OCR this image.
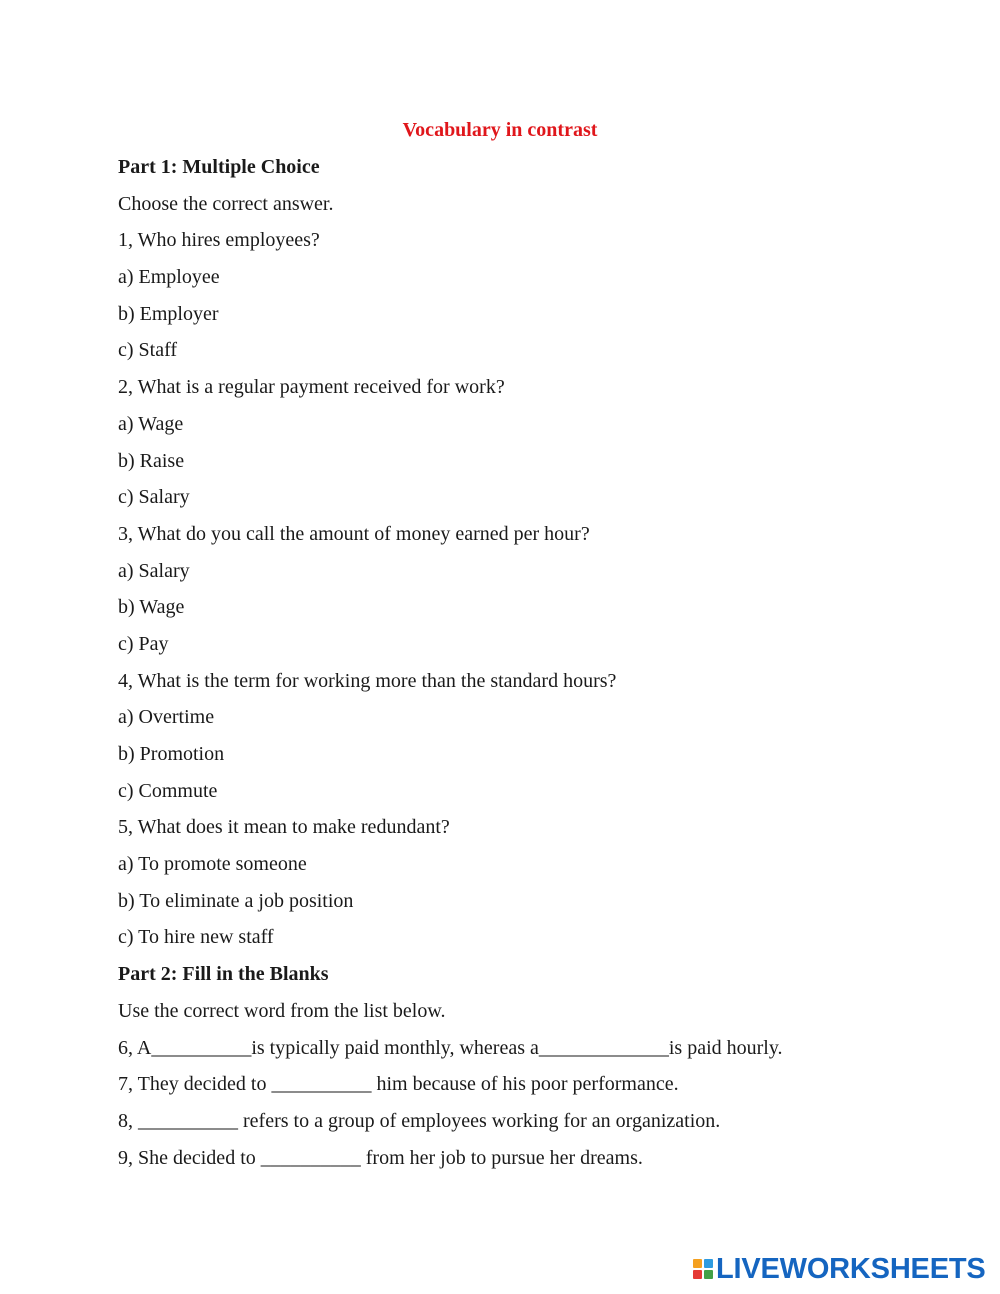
Vocabulary in contrast
Part 1: Multiple Choice
Choose the correct answer.
1, Who hires employees?
a) Employee
b) Employer
c) Staff
2, What is a regular payment received for work?
a) Wage
b) Raise
c) Salary
3, What do you call the amount of money earned per hour?
a) Salary
b) Wage
c) Pay
4, What is the term for working more than the standard hours?
a) Overtime
b) Promotion
c) Commute
5, What does it mean to make redundant?
a) To promote someone
b) To eliminate a job position
c) To hire new staff
Part 2: Fill in the Blanks
Use the correct word from the list below.
6, A__________is typically paid monthly, whereas a_____________is paid hourly.
7, They decided to __________ him because of his poor performance.
8, __________ refers to a group of employees working for an organization.
9, She decided to __________ from her job to pursue her dreams.
LIVEWORKSHEETS
